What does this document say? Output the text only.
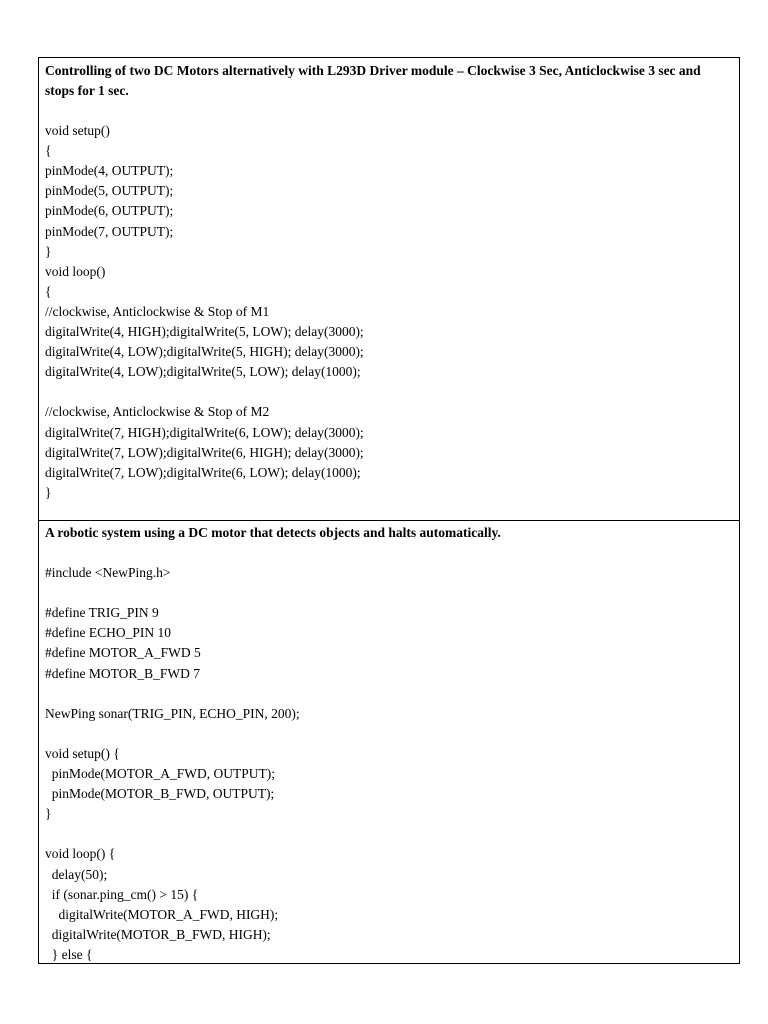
Controlling of two DC Motors alternatively with L293D Driver module – Clockwise 3 Sec, Anticlockwise 3 sec and stops for 1 sec.
void setup()
{
pinMode(4, OUTPUT);
pinMode(5, OUTPUT);
pinMode(6, OUTPUT);
pinMode(7, OUTPUT);
}
void loop()
{
//clockwise, Anticlockwise & Stop of M1
digitalWrite(4, HIGH);digitalWrite(5, LOW); delay(3000);
digitalWrite(4, LOW);digitalWrite(5, HIGH); delay(3000);
digitalWrite(4, LOW);digitalWrite(5, LOW); delay(1000);
//clockwise, Anticlockwise & Stop of M2
digitalWrite(7, HIGH);digitalWrite(6, LOW); delay(3000);
digitalWrite(7, LOW);digitalWrite(6, HIGH); delay(3000);
digitalWrite(7, LOW);digitalWrite(6, LOW); delay(1000);
}
A robotic system using a DC motor that detects objects and halts automatically.
#include <NewPing.h>
#define TRIG_PIN 9
#define ECHO_PIN 10
#define MOTOR_A_FWD 5
#define MOTOR_B_FWD 7
NewPing sonar(TRIG_PIN, ECHO_PIN, 200);
void setup() {
pinMode(MOTOR_A_FWD, OUTPUT);
pinMode(MOTOR_B_FWD, OUTPUT);
}
void loop() {
delay(50);
if (sonar.ping_cm() > 15) {
digitalWrite(MOTOR_A_FWD, HIGH);
digitalWrite(MOTOR_B_FWD, HIGH);
} else {
